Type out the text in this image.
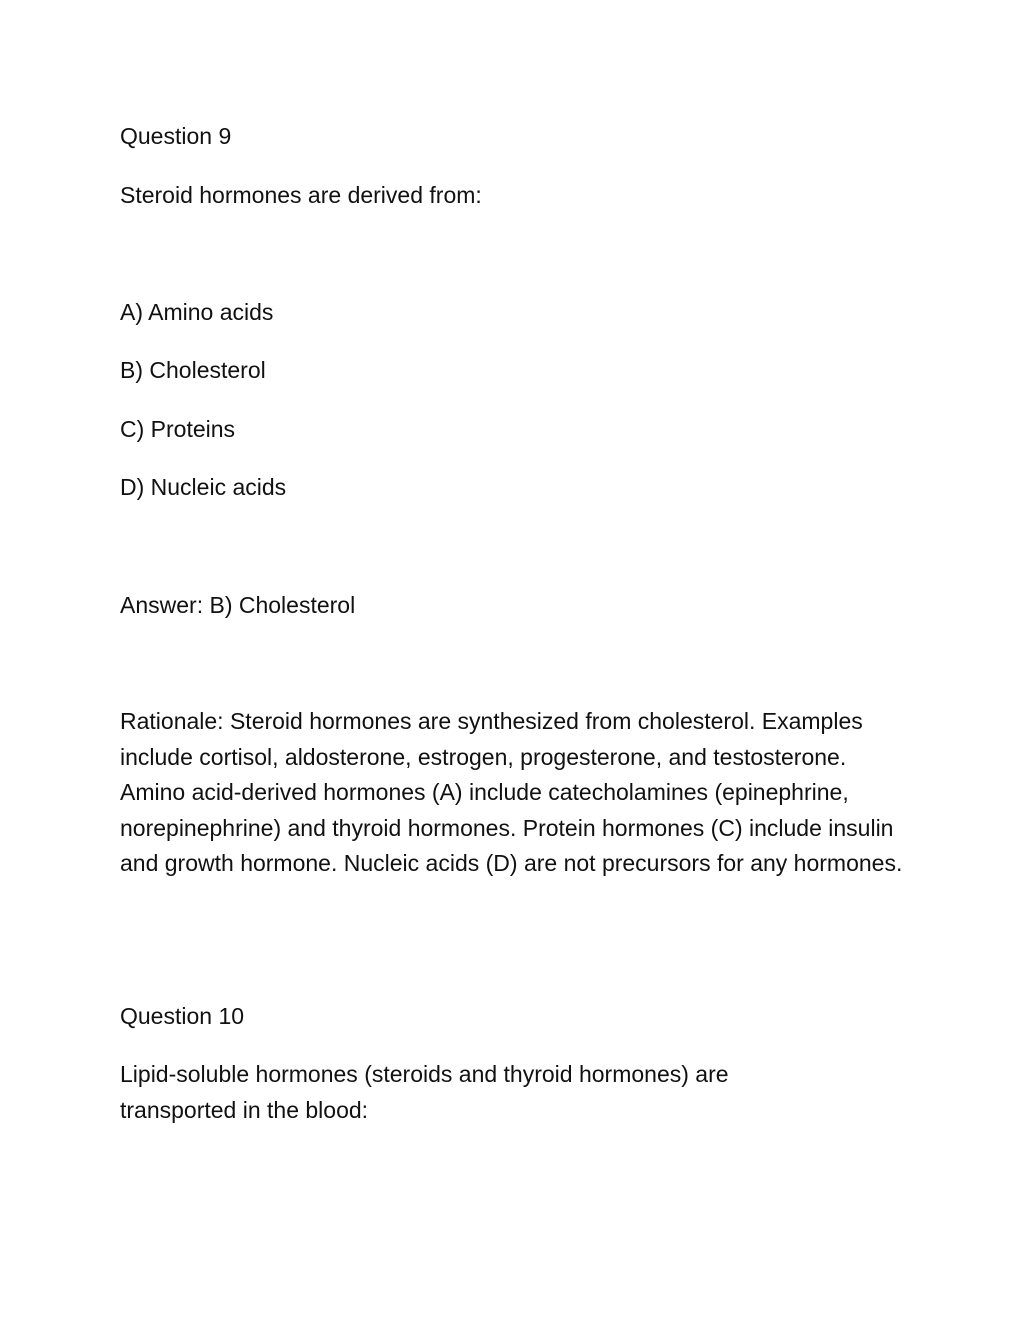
Question 9

Steroid hormones are derived from:

A) Amino acids

B) Cholesterol

C) Proteins

D) Nucleic acids

Answer: B) Cholesterol

Rationale: Steroid hormones are synthesized from cholesterol. Examples include cortisol, aldosterone, estrogen, progesterone, and testosterone. Amino acid-derived hormones (A) include catecholamines (epinephrine, norepinephrine) and thyroid hormones. Protein hormones (C) include insulin and growth hormone. Nucleic acids (D) are not precursors for any hormones.

Question 10

Lipid-soluble hormones (steroids and thyroid hormones) are transported in the blood:
